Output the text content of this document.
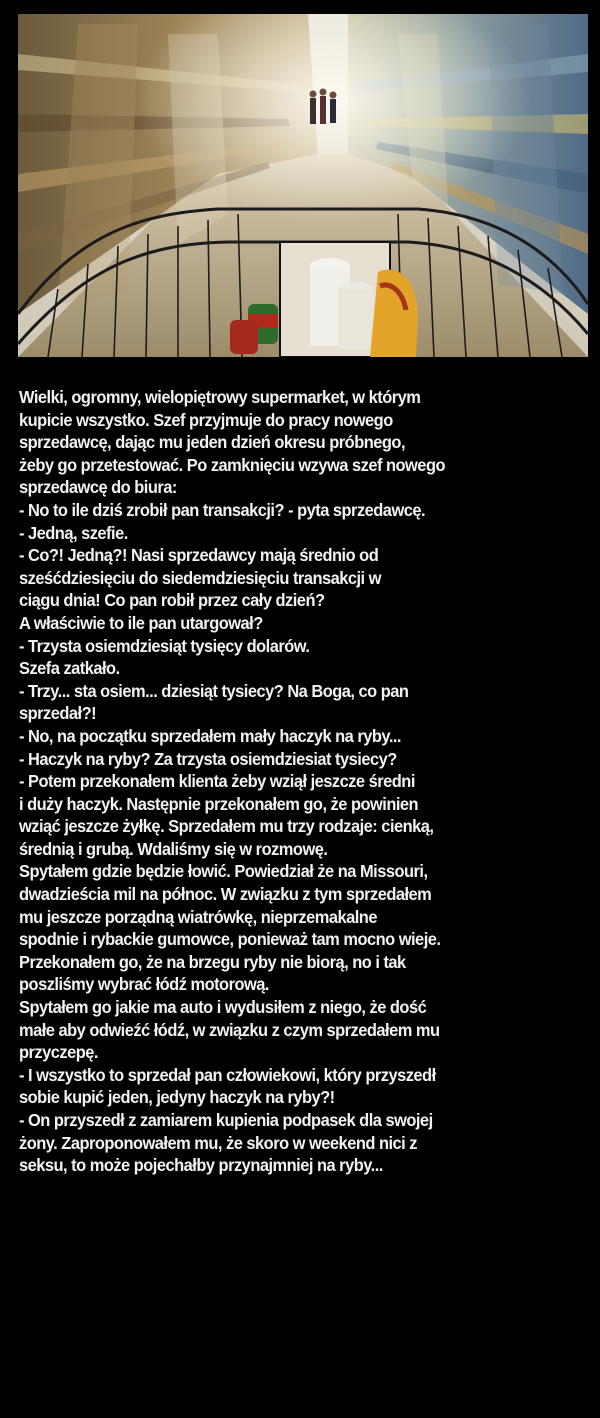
Wielki, ogromny, wielopiętrowy supermarket, w którym
kupicie wszystko. Szef przyjmuje do pracy nowego
sprzedawcę, dając mu jeden dzień okresu próbnego,
żeby go przetestować. Po zamknięciu wzywa szef nowego
sprzedawcę do biura:
- No to ile dziś zrobił pan transakcji? - pyta sprzedawcę.
- Jedną, szefie.
- Co?! Jedną?! Nasi sprzedawcy mają średnio od
sześćdziesięciu do siedemdziesięciu transakcji w
ciągu dnia! Co pan robił przez cały dzień?
A właściwie to ile pan utargował?
- Trzysta osiemdziesiąt tysięcy dolarów.
Szefa zatkało.
- Trzy... sta osiem... dziesiąt tysiecy? Na Boga, co pan
sprzedał?!
- No, na początku sprzedałem mały haczyk na ryby...
- Haczyk na ryby? Za trzysta osiemdziesiat tysiecy?
- Potem przekonałem klienta żeby wziął jeszcze średni
i duży haczyk. Następnie przekonałem go, że powinien
wziąć jeszcze żyłkę. Sprzedałem mu trzy rodzaje: cienką,
średnią i grubą. Wdaliśmy się w rozmowę.
Spytałem gdzie będzie łowić. Powiedział że na Missouri,
dwadzieścia mil na północ. W związku z tym sprzedałem
mu jeszcze porządną wiatrówkę, nieprzemakalne
spodnie i rybackie gumowce, ponieważ tam mocno wieje.
Przekonałem go, że na brzegu ryby nie biorą, no i tak
poszliśmy wybrać łódź motorową.
Spytałem go jakie ma auto i wydusiłem z niego, że dość
małe aby odwieźć łódź, w związku z czym sprzedałem mu
przyczepę.
- I wszystko to sprzedał pan człowiekowi, który przyszedł
sobie kupić jeden, jedyny haczyk na ryby?!
- On przyszedł z zamiarem kupienia podpasek dla swojej
żony. Zaproponowałem mu, że skoro w weekend nici z
seksu, to może pojechałby przynajmniej na ryby...
